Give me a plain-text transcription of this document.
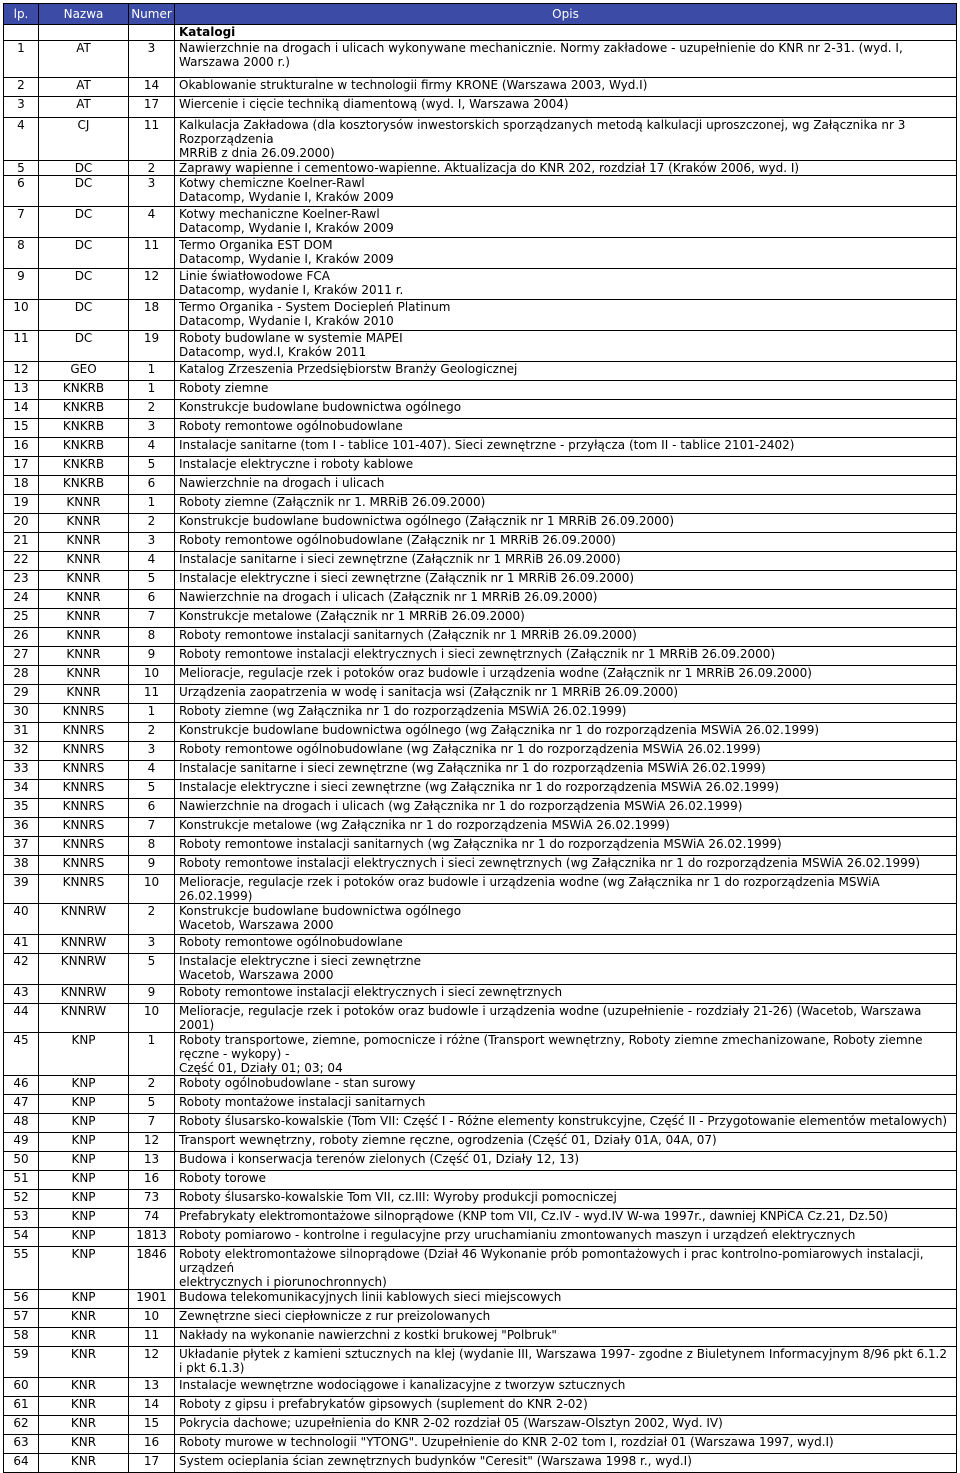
lp.	Nazwa	Numer	Opis
			Katalogi
1	AT	3	Nawierzchnie na drogach i ulicach wykonywane mechanicznie. Normy zakładowe - uzupełnienie do KNR nr 2-31. (wyd. I, Warszawa 2000 r.)
2	AT	14	Okablowanie strukturalne w technologii firmy KRONE (Warszawa 2003, Wyd.I)
3	AT	17	Wiercenie i cięcie techniką diamentową (wyd. I, Warszawa 2004)
4	CJ	11	Kalkulacja Zakładowa (dla kosztorysów inwestorskich sporządzanych metodą kalkulacji uproszczonej, wg Załącznika nr 3 Rozporządzenia
MRRiB z dnia 26.09.2000)

5	DC	2	Zaprawy wapienne i cementowo-wapienne. Aktualizacja do KNR 202, rozdział 17 (Kraków 2006, wyd. I)
6	DC	3	Kotwy chemiczne Koelner-Rawl
Datacomp, Wydanie I, Kraków 2009

7	DC	4	Kotwy mechaniczne Koelner-Rawl
Datacomp, Wydanie I, Kraków 2009

8	DC	11	Termo Organika EST DOM
Datacomp, Wydanie I, Kraków 2009

9	DC	12	Linie światłowodowe FCA
Datacomp, wydanie I, Kraków 2011 r.

10	DC	18	Termo Organika - System Dociepleń Platinum
Datacomp, Wydanie I, Kraków 2010

11	DC	19	Roboty budowlane w systemie MAPEI
Datacomp, wyd.I, Kraków 2011

12	GEO	1	Katalog Zrzeszenia Przedsiębiorstw Branży Geologicznej
13	KNKRB	1	Roboty ziemne
14	KNKRB	2	Konstrukcje budowlane budownictwa ogólnego
15	KNKRB	3	Roboty remontowe ogólnobudowlane
16	KNKRB	4	Instalacje sanitarne (tom I - tablice 101-407). Sieci zewnętrzne - przyłącza (tom II - tablice 2101-2402)
17	KNKRB	5	Instalacje elektryczne i roboty kablowe
18	KNKRB	6	Nawierzchnie na drogach i ulicach
19	KNNR	1	Roboty ziemne (Załącznik nr 1. MRRiB 26.09.2000)
20	KNNR	2	Konstrukcje budowlane budownictwa ogólnego (Załącznik nr 1 MRRiB 26.09.2000)
21	KNNR	3	Roboty remontowe ogólnobudowlane (Załącznik nr 1 MRRiB 26.09.2000)
22	KNNR	4	Instalacje sanitarne i sieci zewnętrzne (Załącznik nr 1 MRRiB 26.09.2000)
23	KNNR	5	Instalacje elektryczne i sieci zewnętrzne (Załącznik nr 1 MRRiB 26.09.2000)
24	KNNR	6	Nawierzchnie na drogach i ulicach (Załącznik nr 1 MRRiB 26.09.2000)
25	KNNR	7	Konstrukcje metalowe (Załącznik nr 1 MRRiB 26.09.2000)
26	KNNR	8	Roboty remontowe instalacji sanitarnych (Załącznik nr 1 MRRiB 26.09.2000)
27	KNNR	9	Roboty remontowe instalacji elektrycznych i sieci zewnętrznych (Załącznik nr 1 MRRiB 26.09.2000)
28	KNNR	10	Melioracje, regulacje rzek i potoków oraz budowle i urządzenia wodne (Załącznik nr 1 MRRiB 26.09.2000)
29	KNNR	11	Urządzenia zaopatrzenia w wodę i sanitacja wsi (Załącznik nr 1 MRRiB 26.09.2000)
30	KNNRS	1	Roboty ziemne (wg Załącznika nr 1 do rozporządzenia MSWiA 26.02.1999)
31	KNNRS	2	Konstrukcje budowlane budownictwa ogólnego (wg Załącznika nr 1 do rozporządzenia MSWiA 26.02.1999)
32	KNNRS	3	Roboty remontowe ogólnobudowlane (wg Załącznika nr 1 do rozporządzenia MSWiA 26.02.1999)
33	KNNRS	4	Instalacje sanitarne i sieci zewnętrzne (wg Załącznika nr 1 do rozporządzenia MSWiA 26.02.1999)
34	KNNRS	5	Instalacje elektryczne i sieci zewnętrzne (wg Załącznika nr 1 do rozporządzenia MSWiA 26.02.1999)
35	KNNRS	6	Nawierzchnie na drogach i ulicach (wg Załącznika nr 1 do rozporządzenia MSWiA 26.02.1999)
36	KNNRS	7	Konstrukcje metalowe (wg Załącznika nr 1 do rozporządzenia MSWiA 26.02.1999)
37	KNNRS	8	Roboty remontowe instalacji sanitarnych (wg Załącznika nr 1 do rozporządzenia MSWiA 26.02.1999)
38	KNNRS	9	Roboty remontowe instalacji elektrycznych i sieci zewnętrznych (wg Załącznika nr 1 do rozporządzenia MSWiA 26.02.1999)
39	KNNRS	10	Melioracje, regulacje rzek i potoków oraz budowle i urządzenia wodne (wg Załącznika nr 1 do rozporządzenia MSWiA 26.02.1999)
40	KNNRW	2	Konstrukcje budowlane budownictwa ogólnego
Wacetob, Warszawa 2000

41	KNNRW	3	Roboty remontowe ogólnobudowlane
42	KNNRW	5	Instalacje elektryczne i sieci zewnętrzne
Wacetob, Warszawa 2000

43	KNNRW	9	Roboty remontowe instalacji elektrycznych i sieci zewnętrznych
44	KNNRW	10	Melioracje, regulacje rzek i potoków oraz budowle i urządzenia wodne (uzupełnienie - rozdziały 21-26) (Wacetob, Warszawa 2001)
45	KNP	1	Roboty transportowe, ziemne, pomocnicze i różne (Transport wewnętrzny, Roboty ziemne zmechanizowane, Roboty ziemne ręczne - wykopy) -
Część 01, Działy 01; 03; 04

46	KNP	2	Roboty ogólnobudowlane - stan surowy
47	KNP	5	Roboty montażowe instalacji sanitarnych
48	KNP	7	Roboty ślusarsko-kowalskie (Tom VII: Część I - Różne elementy konstrukcyjne, Część II - Przygotowanie elementów metalowych)
49	KNP	12	Transport wewnętrzny, roboty ziemne ręczne, ogrodzenia (Część 01, Działy 01A, 04A, 07)
50	KNP	13	Budowa i konserwacja terenów zielonych (Część 01, Działy 12, 13)
51	KNP	16	Roboty torowe
52	KNP	73	Roboty ślusarsko-kowalskie Tom VII, cz.III: Wyroby produkcji pomocniczej
53	KNP	74	Prefabrykaty elektromontażowe silnoprądowe (KNP tom VII, Cz.IV - wyd.IV W-wa 1997r., dawniej KNPiCA Cz.21, Dz.50)
54	KNP	1813	Roboty pomiarowo - kontrolne i regulacyjne przy uruchamianiu zmontowanych maszyn i urządzeń elektrycznych
55	KNP	1846	Roboty elektromontażowe silnoprądowe (Dział 46 Wykonanie prób pomontażowych i prac kontrolno-pomiarowych instalacji, urządzeń
elektrycznych i piorunochronnych)

56	KNP	1901	Budowa telekomunikacyjnych linii kablowych sieci miejscowych
57	KNR	10	Zewnętrzne sieci ciepłownicze z rur preizolowanych
58	KNR	11	Nakłady na wykonanie nawierzchni z kostki brukowej "Polbruk"
59	KNR	12	Układanie płytek z kamieni sztucznych na klej (wydanie III, Warszawa 1997- zgodne z Biuletynem Informacyjnym 8/96 pkt 6.1.2 i pkt 6.1.3)
60	KNR	13	Instalacje wewnętrzne wodociągowe i kanalizacyjne z tworzyw sztucznych
61	KNR	14	Roboty z gipsu i prefabrykatów gipsowych (suplement do KNR 2-02)
62	KNR	15	Pokrycia dachowe; uzupełnienia do KNR 2-02 rozdział 05 (Warszaw-Olsztyn 2002, Wyd. IV)
63	KNR	16	Roboty murowe w technologii "YTONG". Uzupełnienie do KNR 2-02 tom I, rozdział 01 (Warszawa 1997, wyd.I)
64	KNR	17	System ocieplania ścian zewnętrznych budynków "Ceresit" (Warszawa 1998 r., wyd.I)
